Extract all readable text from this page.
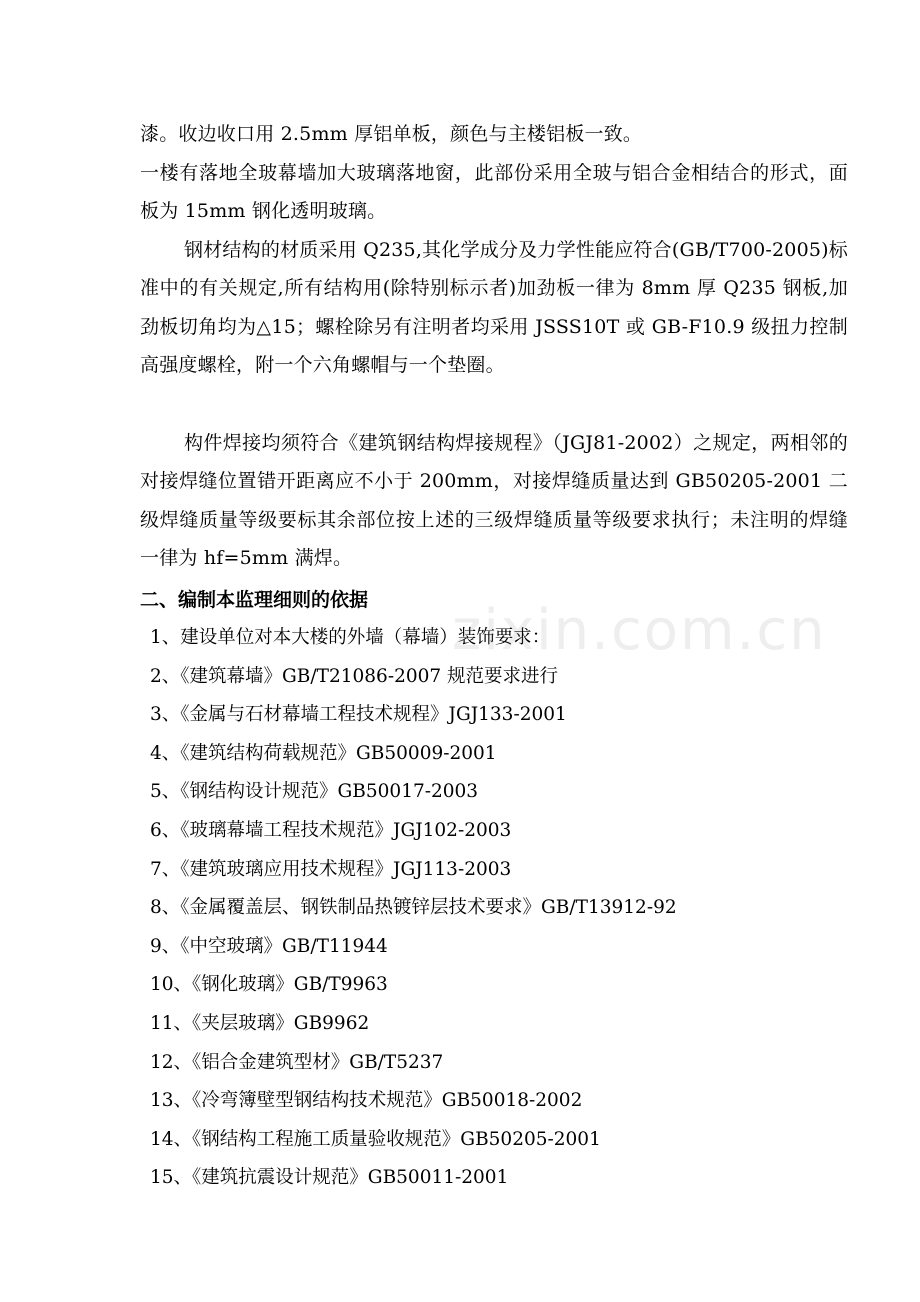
漆。收边收口用 2.5mm 厚铝单板，颜色与主楼铝板一致。

一楼有落地全玻幕墙加大玻璃落地窗，此部份采用全玻与铝合金相结合的形式，面板为 15mm 钢化透明玻璃。

钢材结构的材质采用 Q235,其化学成分及力学性能应符合(GB/T700-2005)标准中的有关规定,所有结构用(除特别标示者)加劲板一律为 8mm 厚 Q235 钢板,加劲板切角均为△15；螺栓除另有注明者均采用 JSSS10T 或 GB-F10.9 级扭力控制高强度螺栓，附一个六角螺帽与一个垫圈。

构件焊接均须符合《建筑钢结构焊接规程》（JGJ81-2002）之规定，两相邻的对接焊缝位置错开距离应不小于 200mm，对接焊缝质量达到 GB50205-2001 二级焊缝质量等级要标其余部位按上述的三级焊缝质量等级要求执行；未注明的焊缝一律为 hf=5mm 满焊。

二、编制本监理细则的依据
1、建设单位对本大楼的外墙（幕墙）装饰要求：
2、《建筑幕墙》GB/T21086-2007 规范要求进行
3、《金属与石材幕墙工程技术规程》JGJ133-2001
4、《建筑结构荷载规范》GB50009-2001
5、《钢结构设计规范》GB50017-2003
6、《玻璃幕墙工程技术规范》JGJ102-2003
7、《建筑玻璃应用技术规程》JGJ113-2003
8、《金属覆盖层、钢铁制品热镀锌层技术要求》GB/T13912-92
9、《中空玻璃》GB/T11944
10、《钢化玻璃》GB/T9963
11、《夹层玻璃》GB9962
12、《铝合金建筑型材》GB/T5237
13、《冷弯簿壁型钢结构技术规范》GB50018-2002
14、《钢结构工程施工质量验收规范》GB50205-2001
15、《建筑抗震设计规范》GB50011-2001
zixin.com.cn
